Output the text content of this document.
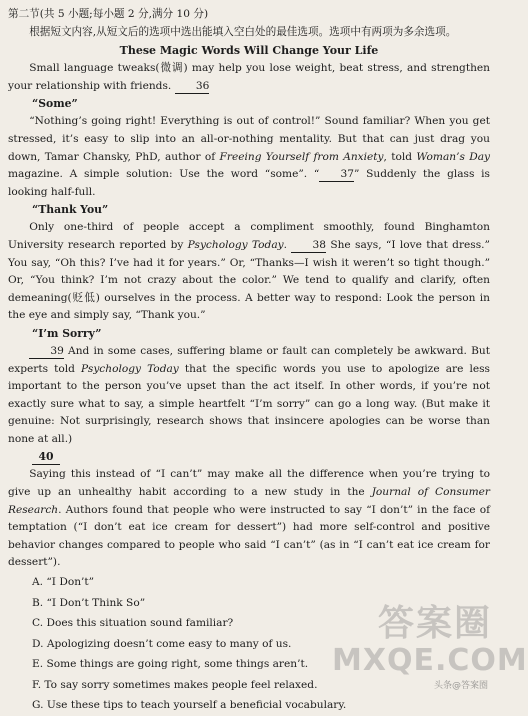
第二节(共 5 小题;每小题 2 分,满分 10 分)

根据短文内容,从短文后的选项中选出能填入空白处的最佳选项。选项中有两项为多余选项。

These Magic Words Will Change Your Life

Small language tweaks(微调) may help you lose weight, beat stress, and strengthen your relationship with friends. 36

“Some”

“Nothing’s going right! Everything is out of control!” Sound familiar? When you get stressed, it’s easy to slip into an all-or-nothing mentality. But that can just drag you down, Tamar Chansky, PhD, author of Freeing Yourself from Anxiety, told Woman’s Day magazine. A simple solution: Use the word “some”. “ 37” Suddenly the glass is looking half-full.

“Thank You”

Only one-third of people accept a compliment smoothly, found Binghamton University research reported by Psychology Today. 38 She says, “I love that dress.” You say, “Oh this? I’ve had it for years.” Or, “Thanks—I wish it weren’t so tight though.” Or, “You think? I’m not crazy about the color.” We tend to qualify and clarify, often demeaning(贬低) ourselves in the process. A better way to respond: Look the person in the eye and simply say, “Thank you.”

“I’m Sorry”

39 And in some cases, suffering blame or fault can completely be awkward. But experts told Psychology Today that the specific words you use to apologize are less important to the person you’ve upset than the act itself. In other words, if you’re not exactly sure what to say, a simple heartfelt “I’m sorry” can go a long way. (But make it genuine: Not surprisingly, research shows that insincere apologies can be worse than none at all.)

40

Saying this instead of “I can’t” may make all the difference when you’re trying to give up an unhealthy habit according to a new study in the Journal of Consumer Research. Authors found that people who were instructed to say “I don’t” in the face of temptation (“I don’t eat ice cream for dessert”) had more self-control and positive behavior changes compared to people who said “I can’t” (as in “I can’t eat ice cream for dessert”).

A. “I Don’t”

B. “I Don’t Think So”

C. Does this situation sound familiar?

D. Apologizing doesn’t come easy to many of us.

E. Some things are going right, some things aren’t.

F. To say sorry sometimes makes people feel relaxed.

G. Use these tips to teach yourself a beneficial vocabulary.

答案圈
MXQE.COM
头条@答案圈
